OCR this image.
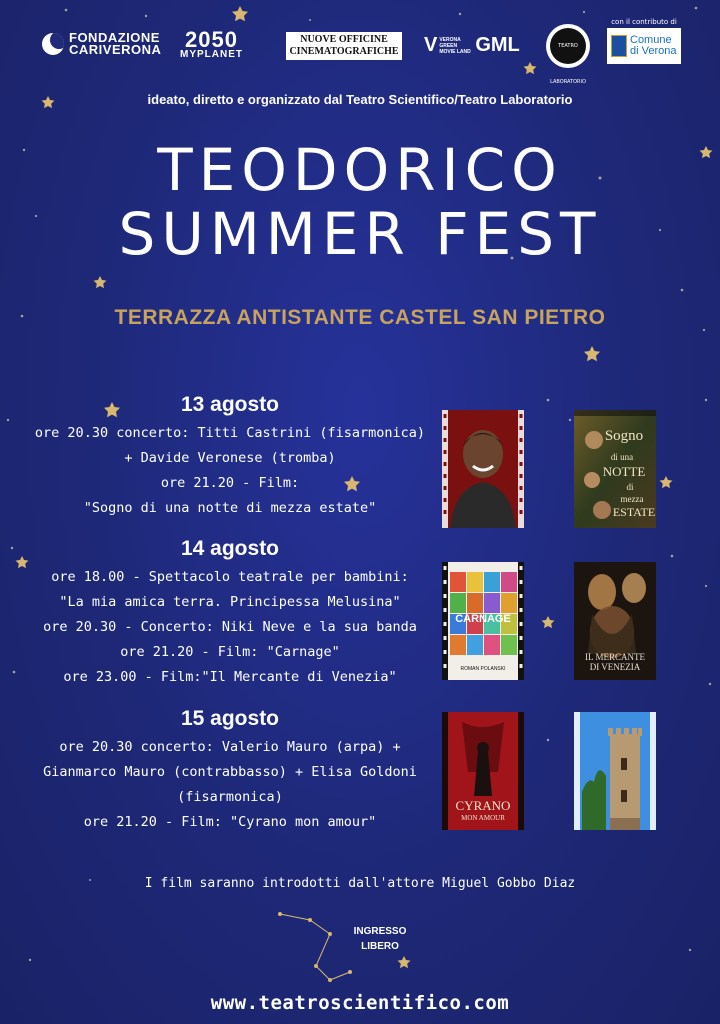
FONDAZIONE
CARIVERONA 2050
MYPLANET
NUOVE OFFICINE
CINEMATOGRAFICHE V VERONA GREEN MOVIE LAND GML	TEATRO LABORATORIO
con il contributo di
Comune
di Verona
ideato, diretto e organizzato dal Teatro Scientifico/Teatro Laboratorio
TEODORICO
SUMMER FEST
TERRAZZA ANTISTANTE CASTEL SAN PIETRO
13 agosto
ore 20.30 concerto: Titti Castrini (fisarmonica)
+ Davide Veronese (tromba)
ore 21.20 - Film:
"Sogno di una notte di mezza estate"
14 agosto
ore 18.00 - Spettacolo teatrale per bambini:
"La mia amica terra. Principessa Melusina"
ore 20.30 - Concerto: Niki Neve e la sua banda
ore 21.20 - Film: "Carnage"
ore 23.00 - Film:"Il Mercante di Venezia"
15 agosto
ore 20.30 concerto: Valerio Mauro (arpa) +
Gianmarco Mauro (contrabbasso) + Elisa Goldoni
(fisarmonica)
ore 21.20 - Film: "Cyrano mon amour"
Sogno
di una
NOTTE
di
mezza
ESTATE
CARNAGE
ROMAN POLANSKI
IL MERCANTE
DI VENEZIA
CYRANO
MON AMOUR
I film saranno introdotti dall'attore Miguel Gobbo Diaz
INGRESSO
LIBERO
www.teatroscientifico.com
